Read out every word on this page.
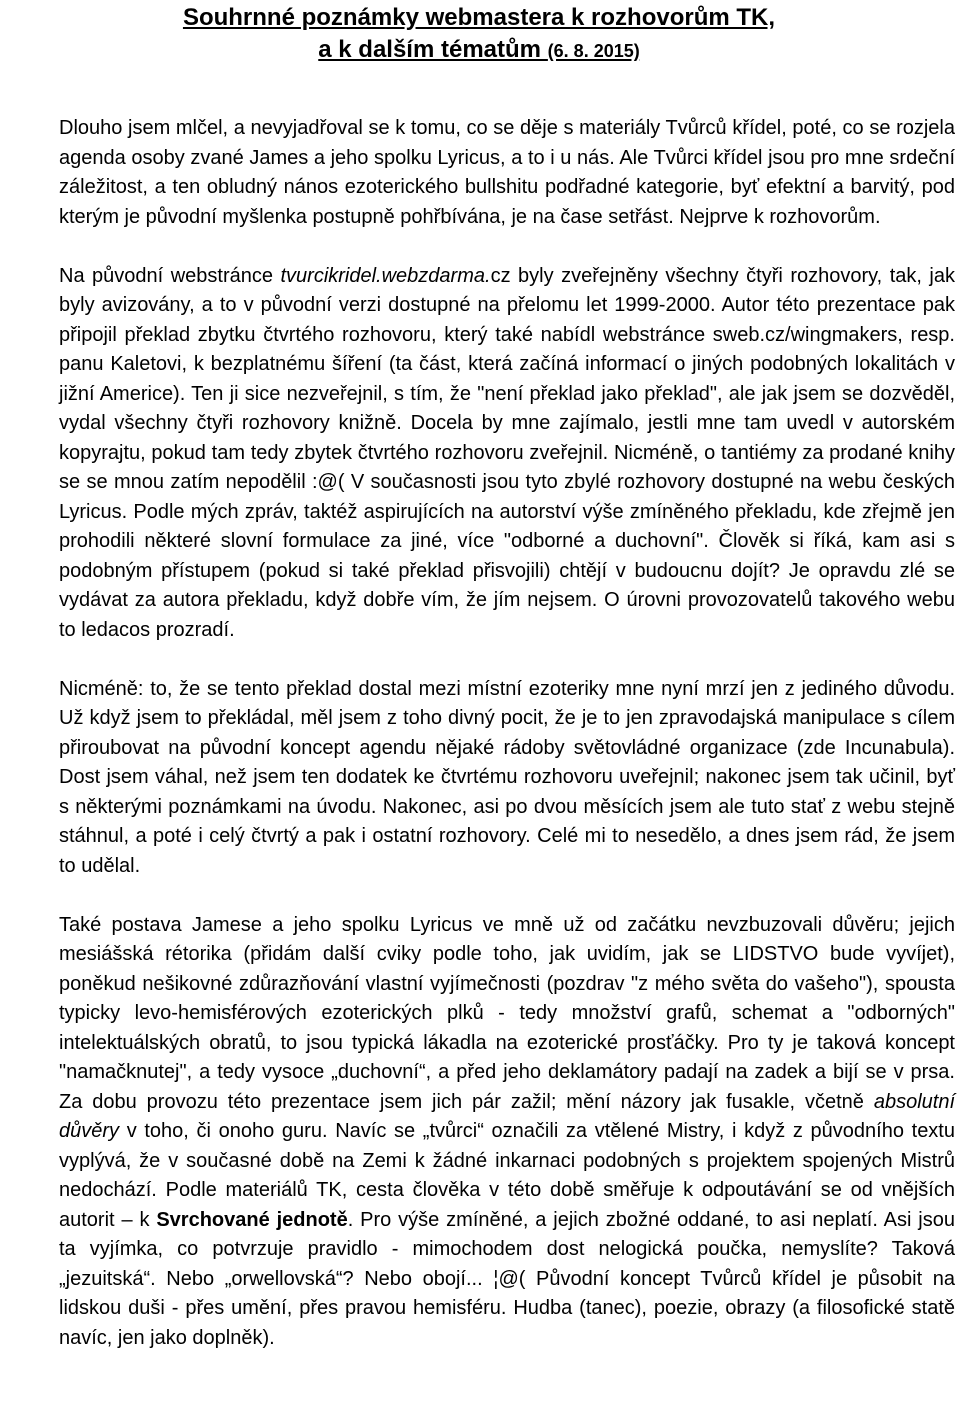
Souhrnné poznámky webmastera k rozhovorům TK,
a k dalším tématům (6. 8. 2015)

Dlouho jsem mlčel, a nevyjadřoval se k tomu, co se děje s materiály Tvůrců křídel, poté, co se rozjela agenda osoby zvané James a jeho spolku Lyricus, a to i u nás. Ale Tvůrci křídel jsou pro mne srdeční záležitost, a ten obludný nános ezoterického bullshitu podřadné kategorie, byť efektní a barvitý, pod kterým je původní myšlenka postupně pohřbívána, je na čase setřást. Nejprve k rozhovorům.

Na původní webstránce tvurcikridel.webzdarma.cz byly zveřejněny všechny čtyři rozhovory, tak, jak byly avizovány, a to v původní verzi dostupné na přelomu let 1999-2000. Autor této prezentace pak připojil překlad zbytku čtvrtého rozhovoru, který také nabídl webstránce sweb.cz/wingmakers, resp. panu Kaletovi, k bezplatnému šíření (ta část, která začíná informací o jiných podobných lokalitách v jižní Americe). Ten ji sice nezveřejnil, s tím, že "není překlad jako překlad", ale jak jsem se dozvěděl, vydal všechny čtyři rozhovory knižně. Docela by mne zajímalo, jestli mne tam uvedl v autorském kopyrajtu, pokud tam tedy zbytek čtvrtého rozhovoru zveřejnil. Nicméně, o tantiémy za prodané knihy se se mnou zatím nepodělil :@( V současnosti jsou tyto zbylé rozhovory dostupné na webu českých Lyricus. Podle mých zpráv, taktéž aspirujících na autorství výše zmíněného překladu, kde zřejmě jen prohodili některé slovní formulace za jiné, více "odborné a duchovní". Člověk si říká, kam asi s podobným přístupem (pokud si také překlad přisvojili) chtějí v budoucnu dojít? Je opravdu zlé se vydávat za autora překladu, když dobře vím, že jím nejsem. O úrovni provozovatelů takového webu to ledacos prozradí.

Nicméně: to, že se tento překlad dostal mezi místní ezoteriky mne nyní mrzí jen z jediného důvodu. Už když jsem to překládal, měl jsem z toho divný pocit, že je to jen zpravodajská manipulace s cílem přiroubovat na původní koncept agendu nějaké rádoby světovládné organizace (zde Incunabula). Dost jsem váhal, než jsem ten dodatek ke čtvrtému rozhovoru uveřejnil; nakonec jsem tak učinil, byť s některými poznámkami na úvodu. Nakonec, asi po dvou měsících jsem ale tuto stať z webu stejně stáhnul, a poté i celý čtvrtý a pak i ostatní rozhovory. Celé mi to nesedělo, a dnes jsem rád, že jsem to udělal.

Také postava Jamese a jeho spolku Lyricus ve mně už od začátku nevzbuzovali důvěru; jejich mesiášská rétorika (přidám další cviky podle toho, jak uvidím, jak se LIDSTVO bude vyvíjet), poněkud nešikovné zdůrazňování vlastní vyjímečnosti (pozdrav "z mého světa do vašeho"), spousta typicky levo-hemisférových ezoterických plků - tedy množství grafů, schemat a "odborných" intelektuálských obratů, to jsou typická lákadla na ezoterické prosťáčky. Pro ty je taková koncept "namačknutej", a tedy vysoce „duchovní“, a před jeho deklamátory padají na zadek a bijí se v prsa. Za dobu provozu této prezentace jsem jich pár zažil; mění názory jak fusakle, včetně absolutní důvěry v toho, či onoho guru. Navíc se „tvůrci“ označili za vtělené Mistry, i když z původního textu vyplývá, že v současné době na Zemi k žádné inkarnaci podobných s projektem spojených Mistrů nedochází. Podle materiálů TK, cesta člověka v této době směřuje k odpoutávání se od vnějších autorit – k Svrchované jednotě. Pro výše zmíněné, a jejich zbožné oddané, to asi neplatí. Asi jsou ta vyjímka, co potvrzuje pravidlo - mimochodem dost nelogická poučka, nemyslíte? Taková „jezuitská“. Nebo „orwellovská“? Nebo obojí... ¦@( Původní koncept Tvůrců křídel je působit na lidskou duši - přes umění, přes pravou hemisféru. Hudba (tanec), poezie, obrazy (a filosofické statě navíc, jen jako doplněk).
